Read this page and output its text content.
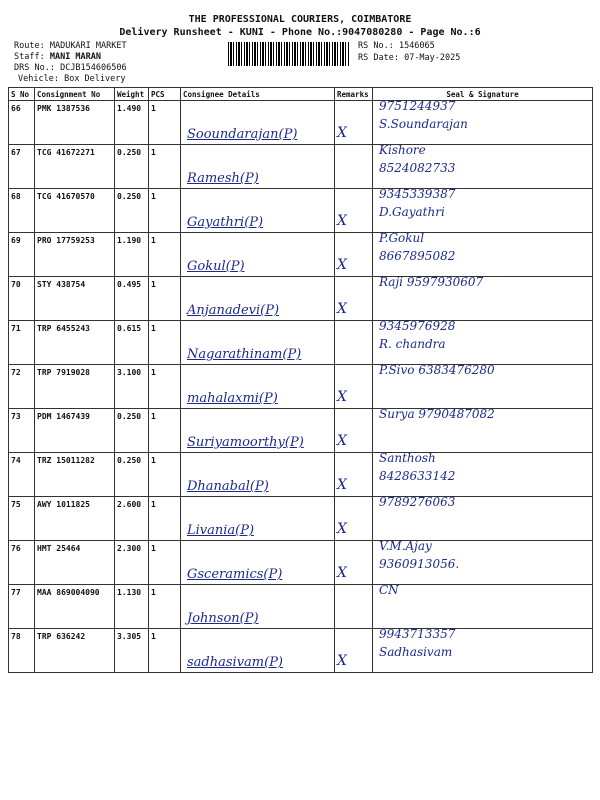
THE PROFESSIONAL COURIERS, COIMBATORE
Delivery Runsheet - KUNI - Phone No.:9047080280 - Page No.:6
Route: MADUKARI MARKET
Staff: MANI MARAN
DRS No.: DCJB154606506
Vehicle: Box Delivery
RS No.: 1546065
RS Date: 07-May-2025
S No	Consignment No	Weight	PCS	Consignee Details	Remarks	Seal & Signature
66	PMK 1387536	1.490	1	Sooundarajan(P)	X	9751244937
S.Soundarajan

67	TCG 41672271	0.250	1	Ramesh(P)		Kishore
8524082733

68	TCG 41670570	0.250	1	Gayathri(P)	X	9345339387
D.Gayathri

69	PRO 17759253	1.190	1	Gokul(P)	X	P.Gokul
8667895082

70	STY 438754	0.495	1	Anjanadevi(P)	X	Raji 9597930607

71	TRP 6455243	0.615	1	Nagarathinam(P)		9345976928
R. chandra

72	TRP 7919028	3.100	1	mahalaxmi(P)	X	P.Sivo 6383476280

73	PDM 1467439	0.250	1	Suriyamoorthy(P)	X	Surya 9790487082

74	TRZ 15011282	0.250	1	Dhanabal(P)	X	Santhosh
8428633142

75	AWY 1011825	2.600	1	Livania(P)	X	9789276063

76	HMT 25464	2.300	1	Gsceramics(P)	X	V.M.Ajay
9360913056.

77	MAA 869004090	1.130	1	Johnson(P)		CN

78	TRP 636242	3.305	1	sadhasivam(P)	X	9943713357
Sadhasivam
